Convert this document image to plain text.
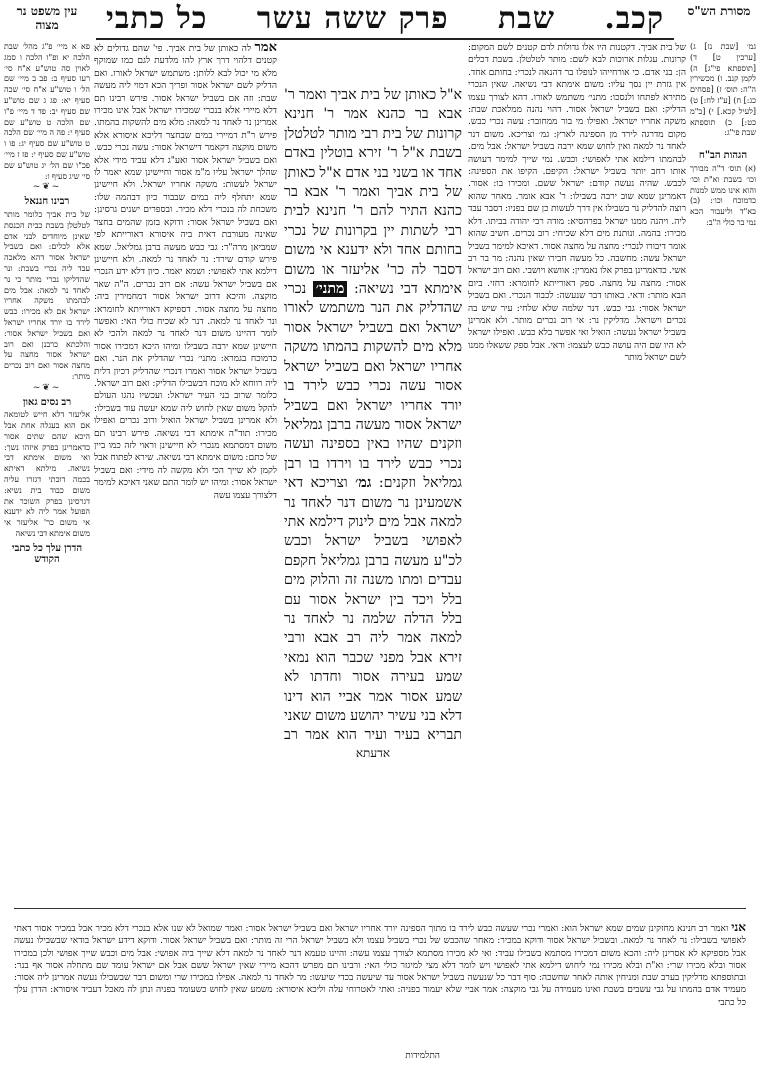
עין משפט נר מצוה	קכב.
שבת
פרק ששה עשר
כל כתבי	מסורת הש"ס

גמ׳ [שבת נז] ג) [ערכין ט] ד) [תוספתא פי"ג] ה) לקמן קנב. ו) מכשירין ה"ה: תוס׳ ז) [פסחים כג:] ח) [ע"ז לח:] ט) [לעיל קכא.] י) [ב"מ כט:] כ) תוספתא שבת פי"ג:

הגהות הב"ח

(א) תוס׳ ד"ה מבורך וכו׳ בשבת וא"ת וכו׳ והוא אינו ממש למנות כדמוכח וכו׳: (ב) בא"ד וליעבור הכא נמי בר כולי ה"ב:

של בית אביך. דקטנות היו אלו גדולות לדם קטנים לשם המקום: קרונות. עגלות ארוכות לבא לשם: מותר לטלטלן. בשבת דכלים הן: בני אדם. כי אורחייהו לנופלו בר דהנאה לנכרי: בחותם אחד. אין גזרת יין נסך עליו: משום אימתא דבי נשיאה. שאין הנכרי מתירא לפתחו ולנסכו: מתני׳ משתמש לאורו. דהא לצורך עצמו הדליק: ואם בשביל ישראל אסור. דהוי נהנה ממלאכת שבת: משקה אחריו ישראל. ואפילו מי בור ממחובר: עשה נכרי כבש. מקום מדרגה לירד מן הספינה לארץ: גמ׳ וצריכא. משום דנר לאחד נר למאה ואין לחוש שמא ירבה בשביל ישראל: אבל מים. לבהמתו דילמא אתי לאפושי: וכבש. נמי שייך למימר דעושה אותו רחב יותר בשביל ישראל: הקיפם. הקיפו את הספינה: לכבש. שהיה נעשה קודם: ישראל ששם. ומכירו בו: אסור. דאמרינן שמא שוב ירבה בשבילו: ר' אבא אומר. מאחר שהוא רוצה להדליק נר בשבילו אין דרך לעשות כן שם בפניו: דסבר עבד ליה. ויהנה ממנו ישראל בפרהסיא: מודה רבי יהודה בביתו. דלא מכירו: בהמה. ונותנת מים דלא שכיחי: רוב נכרים. חשיב שהוא אומר דיבורו לנכרי: מחצה על מחצה אסור. דאיכא למימר בשביל ישראל עשה: מחשבה. כל מעשה חבירו שאין נהנה: מר בר רב אשי. כדאמרינן בפרק אלו נאמרין: אוושא ויושבי. ואם רוב ישראל אסור: מחצה על מחצה. ספק דאורייתא לחומרא: דחזי. ביום הבא מותר: ודאי. באותו דבר שנעשה: לכבוד הנכרי. ואם בשביל ישראל אסור: גבי כבש. דנר שלמה שלא שלחי: עיר שיש בה נכרים וישראל. מדליקין נר: אי רוב נכרים מותר. ולא אמרינן בשביל ישראל נעשה: הואיל ואי אפשר בלא כבש. ואפילו ישראל לא היו שם היה עושה כבש לעצמו: ודאי. אבל ספק ששאלו ממנו לשם ישראל מותר

א"ל כאותן של בית אביך ואמר ר' אבא בר כהנא אמר ר' חנינא קרונות של בית רבי מותר לטלטלן בשבת א"ל ר' זירא בוטלין באדם אחד או בשני בני אדם א"ל כאותן של בית אביך ואמר ר' אבא בר כהנא התיר להם ר' חנינא לבית רבי לשתות יין בקרונות של נכרי בחותם אחד ולא ידענא אי משום דסבר לה כר' אליעזר או משום אימתא דבי נשיאה: מתני׳ נכרי שהדליק את הנר משתמש לאורו ישראל ואם בשביל ישראל אסור מלא מים להשקות בהמתו משקה אחריו ישראל ואם בשביל ישראל אסור עשה נכרי כבש לירד בו יורד אחריו ישראל ואם בשביל ישראל אסור מעשה ברבן גמליאל וזקנים שהיו באין בספינה ועשה נכרי כבש לירד בו וירדו בו רבן גמליאל וזקנים: גמ׳ וצריכא דאי אשמעינן נר משום דנר לאחד נר למאה אבל מים לינוק דילמא אתי לאפושי בשביל ישראל וכבש לכ"ע מעשה ברבן גמליאל חקפם עבדים ומתו משנה זה והלוק מים בלל ויכד בין ישראל אסור עם בלל הדלה שלמה נר לאחד נר למאה אמר ליה רב אבא ורבי זירא אבל מפני שכבר הוא נמאי שמע בעירה אסור וחדתו לא שמע אסור אמר אביי הוא דינו דלא בני עשיר יהושע משום שאני תבריא בעיר ועיר הוא אמר רב

אדעתא

אמר לה כאותן של בית אביך. פי' שהם גדולים לא קטנים דלהוי דרך ארץ להו מלדעת לגם כמו שמוקף מלא מי יכול לבא ללותן: משתמש ישראל לאורו. ואם הדליק לשם ישראל אסור ופריך הכא דמוי ליה מעשה שבת: וזה אם בשביל ישראל אסור. פירש רבינו תם דלא מיירי אלא בנכרי שמכירו ישראל אבל אינו מכירו אמרינן נר לאחד נר למאה: מלא מים להשקות בהמתו. פירש ר"ת דמיירי במים שבחצר דליכא איסורא אלא משום מוקצה דקאמר דישראל אסור: עשה נכרי כבש. ואם בשביל ישראל אסור ואע"ג דלא עביד מידי אלא שהלך ישראל עליו מ"מ אסור וחיישינן שמא יאמר לו ישראל לעשות: משקה אחריו ישראל. ולא חיישינן שמא יתחלף ליה במים שבבור כיון דבהמה שלו: משכחת לה בנכרי דלא מכיר. ובספרים ישנים גרסינן: ואם בשביל ישראל אסור: ודוקא בזמן שהמים בחצר שאינה מעורבת דאית ביה איסורא דאורייתא לפי שמביאן מרה"ר: גבי כבש מעשה ברבן גמליאל. שמא פירש קודם שירד: נר לאחד נר למאה. ולא חיישינן דילמא אתי לאפושי: ושמא יאמר. כיון דלא ידע הנכרי אם בשביל ישראל עשה: אם רוב נכרים. ה"ה שאר מוקצה. והיכא דרוב ישראל אסור דמחמירין ביה: מחצה על מחצה אסור. דספיקא דאורייתא לחומרא: ונר לאחד נר למאה. דנר לא שכיח כולי האי: ואפשר לומר דהיינו משום דנר לאחד נר למאה ולהכי לא חיישינן שמא ירבה בשבילו ומיהו היכא דמכירו אסור כדמוכח בגמרא: מתני׳ נכרי שהדליק את הנר. ואם בשביל ישראל אסור ואמרו דנכרי שהדליק דכיון דלית ליה רווחא לא מוכח דבשבילו הדליק: ואם רוב ישראל. כלומר שרוב בני העיר ישראל: ועכשיו נהגו העולם להקל משום שאין לחוש ליה שמא יעשה עוד בשבילו: ולא אמרינן בשביל ישראל הואיל ורוב נכרים ואפילו מכירו: תוד"ה אימתא דבי נשיאה. פירש רבינו תם משום דמסתמא מנכרי לא חיישינן וראוי לזה כמו ביין של כתם: משום אימתא דבי נשיאה. שירא לפתוח אבל לקמן לא שייך הכי ולא מקשה לה מידי: ואם בשביל ישראל אסור: ומיהו יש לומר התם שאני דאיכא למימר דלצורך עצמו עשה

פא א מיי׳ פ"ג מהל׳ שבת הלכה יא ופ"ו הלכה ו סמג לאוין סה טוש"ע א"ח סי׳ רעו סעיף ב: פב ב מיי׳ שם הל׳ ו טוש"ע א"ח סי׳ שכה סעיף יא: פג ג שם טוש"ע שם סעיף יב: פד ד מיי׳ פ"ו שם הלכה ט טוש"ע שם סעיף י: פה ה מיי׳ שם הלכה ט טוש"ע שם סעיף יג: פו ו טוש"ע שם סעיף י: פז ז מיי׳ פכ"ו שם הל׳ יג טוש"ע שם סי׳ שיג סעיף ו:

~❦~
רבינו חננאל

של בית אביך כלומר מותר לטלטלן בשבת כבית הכנסת שאינן מיוחדים לבני אדם אלא לכלים: ואם בשביל ישראל אסור דהא מלאכה עבד ליה נכרי בשבת: ונר שהדליקו נכרי מותר כי נר לאחד נר למאה: אבל מים לבהמתו משקה אחריו ישראל אם לא מכירו: כבש לירד בו יורד אחריו ישראל ואם בשביל ישראל אסור: והלכתא כרבנן ואם רוב ישראל אסור מחצה על מחצה אסור ואם רוב נכרים מותר:

~❦~
רב נסים גאון

אליעזר דלא חייש לטומאה אם הוא בעגלה אחת אבל היכא שהם שתים אסור כדאמרינן בפרק איזהו נשך: ואי משום אימתא דבי נשיאה. מילתא דאיתא בכמה דוכתי דגזרו עליה משום כבוד בית נשיא: דגרסינן בפרק השוכר את הפועל אמר ליה לא ידענא אי משום כר' אליעזר אי משום אימתא דבי נשיאה

הדרן עלך כל כתבי הקודש

אני ואמר רב חנינא מחזקינן שמים שמא ישראל הוא: ואמרי נכרי שעשה כבש לירד בו מתוך הספינה יורד אחריו ישראל ואם בשביל ישראל אסור: ואמר שמואל לא שנו אלא בנכרי דלא מכיר אבל במכיר אסור דאתי לאפושי בשבילו: נר לאחד נר למאה. ובשביל ישראל אסור ודוקא במכיר: מאחר שהכבש של נכרי בשביל עצמו ולא בשביל ישראל הרי זה מותר: ואם בשביל ישראל אסור. ודוקא דידע ישראל בודאי שבשבילו נעשה אבל מספיקא לא אסרינן ליה: והכא משום דמכירו מסתמא בשבילו עביד: ואי לא מכירו מסתמא לצורך עצמו עשה: והיינו טעמא דנר לאחד נר למאה דלא שייך ביה אפושי: אבל מים וכבש שייך אפושי ולכן במכירו אסור ובלא מכירו שרי: וא"ת ובלא מכירו נמי ליחוש דילמא אתי לאפושי ויש לומר דלא מצי למיגזר כולי האי: ורבינו תם מפרש דהכא מיירי שאין ישראל ששם אבל אם ישראל עומד שם מתחלה אסור אף בנר: ובתוספתא מדליקין בערב שבת ומניחין אותה לאחר שחשכה: סוף דבר כל שנעשה בשביל ישראל אסור עד שיעשה בכדי שיעשו: מר לאחד נר למאה. אפילו במכירו שרי ומשום דבר שבשבילו נעשה אמרינן ליה אסור: מעמיד אדם בהמתו על גבי עשבים בשבת ואינו מעמידה על גבי מוקצה: אמר אביי שלא יעמוד בפניה: ואתי לאטרוחי עלה וליכא איסורא: משמע שאין לחוש כשעומד בפניה ונתן לה מאכל דעביד איסורא: הדרן עלך כל כתבי

התלמידות
